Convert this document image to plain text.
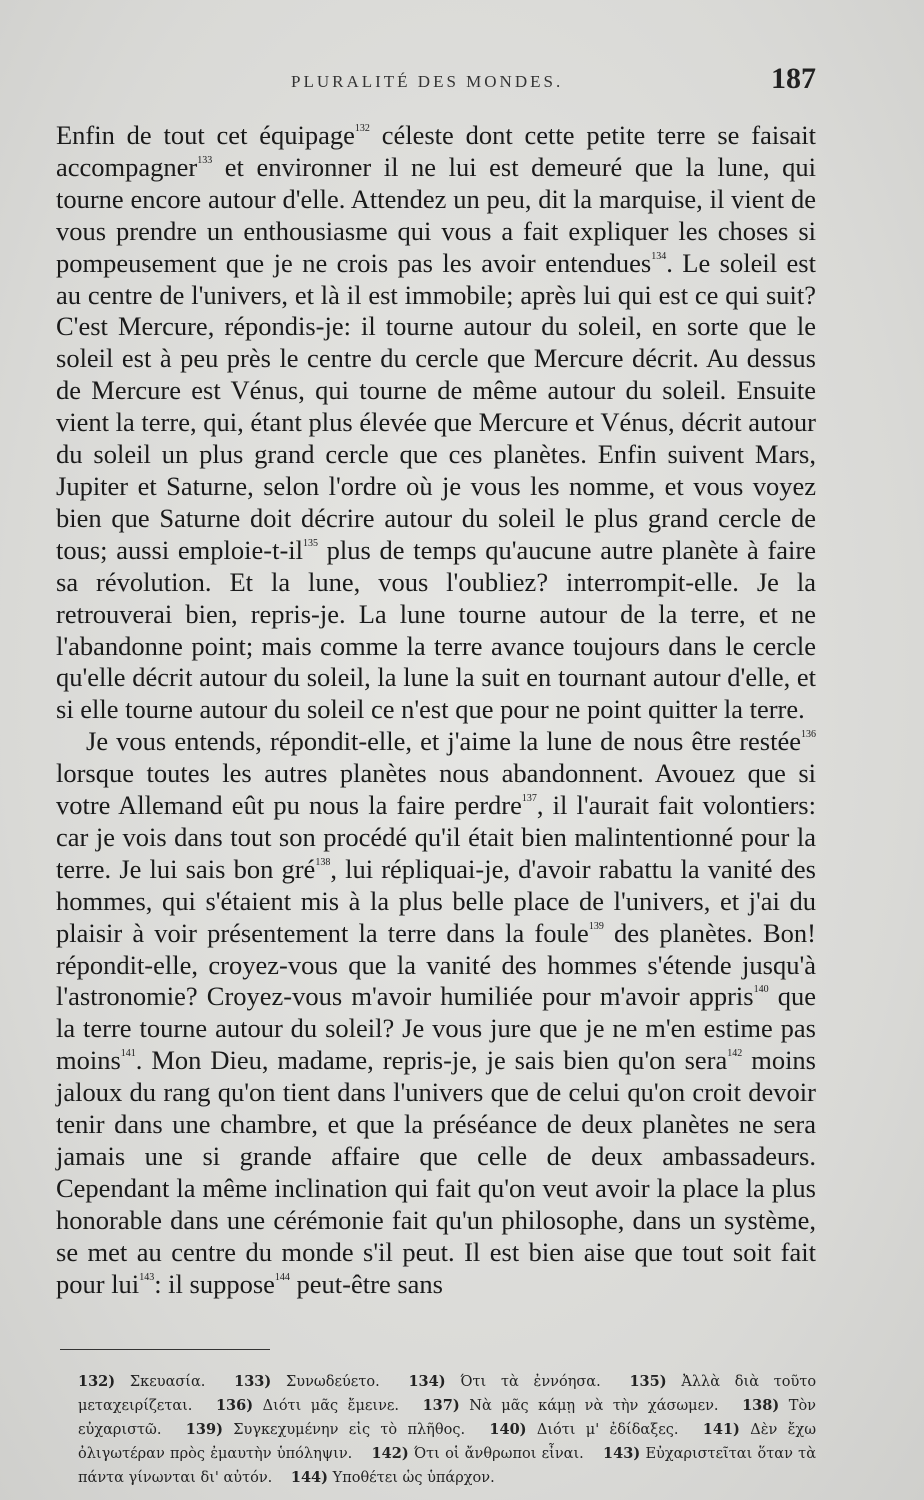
PLURALITÉ DES MONDES.	187

Enfin de tout cet équipage$^{132}$ céleste dont cette petite terre se faisait accompagner$^{133}$ et environner il ne lui est demeuré que la lune, qui tourne encore autour d'elle. Attendez un peu, dit la marquise, il vient de vous prendre un enthousiasme qui vous a fait expliquer les choses si pompeusement que je ne crois pas les avoir entendues$^{134}$. Le soleil est au centre de l'univers, et là il est immobile; après lui qui est ce qui suit? C'est Mercure, répondis-je: il tourne autour du soleil, en sorte que le soleil est à peu près le centre du cercle que Mercure décrit. Au dessus de Mercure est Vénus, qui tourne de même autour du soleil. Ensuite vient la terre, qui, étant plus élevée que Mercure et Vénus, décrit autour du soleil un plus grand cercle que ces planètes. Enfin suivent Mars, Jupiter et Saturne, selon l'ordre où je vous les nomme, et vous voyez bien que Saturne doit décrire autour du soleil le plus grand cercle de tous; aussi emploie-$t-il^{135}$ plus de temps qu'aucune autre planète à faire sa révolution. Et la lune, vous l'oubliez? interrompit-elle. Je la retrouverai bien, repris-je. La lune tourne autour de la terre, et ne l'abandonne point; mais comme la terre avance toujours dans le cercle qu'elle décrit autour du soleil, la lune la suit en tournant autour d'elle, et si elle tourne autour du soleil ce n'est que pour ne point quitter la terre.

Je vous entends, répondit-elle, et j'aime la lune de nous être restée$^{136}$ lorsque toutes les autres planètes nous abandonnent. Avouez que si votre Allemand eût pu nous la faire perdre$^{137}$, il l'aurait fait volontiers: car je vois dans tout son procédé qu'il était bien malintentionné pour la terre. Je lui sais bon gré$^{138}$, lui répliquai-je, d'avoir rabattu la vanité des hommes, qui s'étaient mis à la plus belle place de l'univers, et j'ai du plaisir à voir présentement la terre dans la foule$^{139}$ des planètes. Bon! répondit-elle, croyez-vous que la vanité des hommes s'étende jusqu'à l'astronomie? Croyez-vous m'avoir humiliée pour m'avoir appris$^{140}$ que la terre tourne autour du soleil? Je vous jure que je ne m'en estime pas moins$^{141}$. Mon Dieu, madame, repris-je, je sais bien qu'on sera$^{142}$ moins jaloux du rang qu'on tient dans l'univers que de celui qu'on croit devoir tenir dans une chambre, et que la préséance de deux planètes ne sera jamais une si grande affaire que celle de deux ambassadeurs. Cependant la même inclination qui fait qu'on veut avoir la place la plus honorable dans une cérémonie fait qu'un philosophe, dans un système, se met au centre du monde s'il peut. Il est bien aise que tout soit fait pour lui$^{143}$: il suppose$^{144}$ peut-être sans

132) Σκευασία. 133) Συνωδεύετο. 134) Ότι τὰ ἐννόησα. 135) Ἀλλὰ διὰ τοῦτο μεταχειρίζεται. 136) Διότι μᾶς ἔμεινε. 137) Νὰ μᾶς κάμῃ νὰ τὴν χάσωμεν. 138) Τὸν εὐχαριστῶ. 139) Συγκεχυμένην εἰς τὸ πλῆθος. 140) Διότι μ' ἐδίδαξες. 141) Δὲν ἔχω ὀλιγωτέραν πρὸς ἐμαυτὴν ὑπόληψιν. 142) Ότι οἱ ἄνθρωποι εἶναι. 143) Εὐχαριστεῖται ὅταν τὰ πάντα γίνωνται δι' αὐτόν. 144) Υποθέτει ὡς ὑπάρχον.
